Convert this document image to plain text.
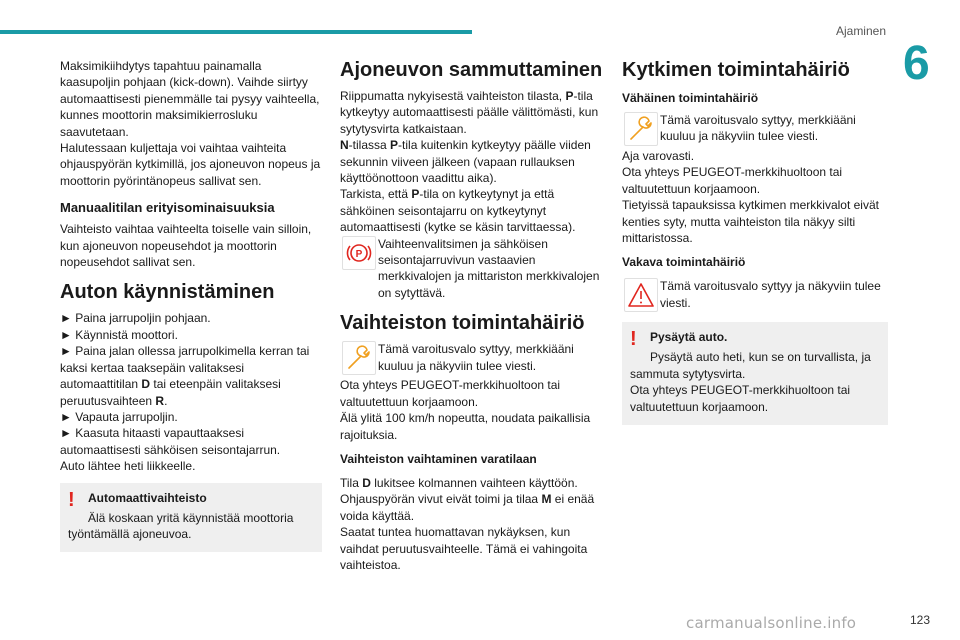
Ajaminen
6

Maksimikiihdytys tapahtuu painamalla kaasupoljin pohjaan (kick-down). Vaihde siirtyy automaattisesti pienemmälle tai pysyy vaihteella, kunnes moottorin maksimikierrosluku saavutetaan.

Halutessaan kuljettaja voi vaihtaa vaihteita ohjauspyörän kytkimillä, jos ajoneuvon nopeus ja moottorin pyörintänopeus sallivat sen.

Manuaalitilan erityisominaisuuksia

Vaihteisto vaihtaa vaihteelta toiselle vain silloin, kun ajoneuvon nopeusehdot ja moottorin nopeusehdot sallivat sen.

Auton käynnistäminen

► Paina jarrupoljin pohjaan.

► Käynnistä moottori.

► Paina jalan ollessa jarrupolkimella kerran tai kaksi kertaa taaksepäin valitaksesi automaattitilan D tai eteenpäin valitaksesi peruutusvaihteen R.

► Vapauta jarrupoljin.

► Kaasuta hitaasti vapauttaaksesi automaattisesti sähköisen seisontajarrun.

Auto lähtee heti liikkeelle.

! Automaattivaihteisto
Älä koskaan yritä käynnistää moottoria työntämällä ajoneuvoa.
Ajoneuvon sammuttaminen

Riippumatta nykyisestä vaihteiston tilasta, P-tila kytkeytyy automaattisesti päälle välittömästi, kun sytytysvirta katkaistaan.

N-tilassa P-tila kuitenkin kytkeytyy päälle viiden sekunnin viiveen jälkeen (vapaan rullauksen käyttöönottoon vaadittu aika).

Tarkista, että P-tila on kytkeytynyt ja että sähköinen seisontajarru on kytkeytynyt automaattisesti (kytke se käsin tarvittaessa).

P
Vaihteenvalitsimen ja sähköisen seisontajarruvivun vastaavien merkkivalojen ja mittariston merkkivalojen on sytyttävä.
Vaihteiston toimintahäiriö
Tämä varoitusvalo syttyy, merkkiääni kuuluu ja näkyviin tulee viesti.

Ota yhteys PEUGEOT-merkkihuoltoon tai valtuutettuun korjaamoon.

Älä ylitä 100 km/h nopeutta, noudata paikallisia rajoituksia.

Vaihteiston vaihtaminen varatilaan

Tila D lukitsee kolmannen vaihteen käyttöön. Ohjauspyörän vivut eivät toimi ja tilaa M ei enää voida käyttää.

Saatat tuntea huomattavan nykäyksen, kun vaihdat peruutusvaihteelle. Tämä ei vahingoita vaihteistoa.

Kytkimen toimintahäiriö
Vähäinen toimintahäiriö
Tämä varoitusvalo syttyy, merkkiääni kuuluu ja näkyviin tulee viesti.

Aja varovasti.

Ota yhteys PEUGEOT-merkkihuoltoon tai valtuutettuun korjaamoon.

Tietyissä tapauksissa kytkimen merkkivalot eivät kenties syty, mutta vaihteiston tila näkyy silti mittaristossa.

Vakava toimintahäiriö
Tämä varoitusvalo syttyy ja näkyviin tulee viesti.
! Pysäytä auto.
Pysäytä auto heti, kun se on turvallista, ja sammuta sytytysvirta.
Ota yhteys PEUGEOT-merkkihuoltoon tai valtuutettuun korjaamoon.
123
carmanualsonline.info
